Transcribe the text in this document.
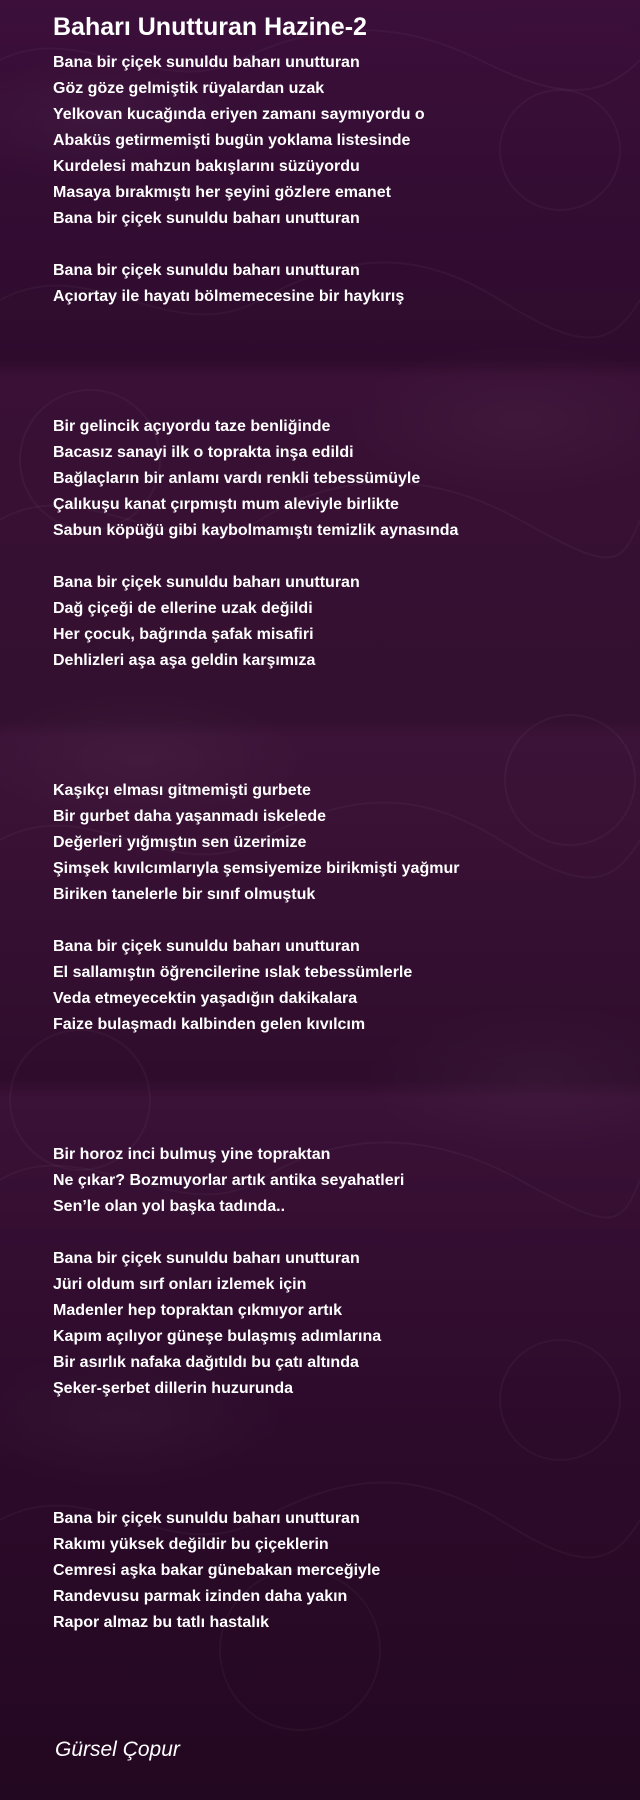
Baharı Unutturan Hazine-2
Bana bir çiçek sunuldu baharı unutturan
Göz göze gelmiştik rüyalardan uzak
Yelkovan kucağında eriyen zamanı saymıyordu o
Abaküs getirmemişti bugün yoklama listesinde
Kurdelesi mahzun bakışlarını süzüyordu
Masaya bırakmıştı her şeyini gözlere emanet
Bana bir çiçek sunuldu baharı unutturan
Bana bir çiçek sunuldu baharı unutturan
Açıortay ile hayatı bölmemecesine bir haykırış
Bir gelincik açıyordu taze benliğinde
Bacasız sanayi ilk o toprakta inşa edildi
Bağlaçların bir anlamı vardı renkli tebessümüyle
Çalıkuşu kanat çırpmıştı mum aleviyle birlikte
Sabun köpüğü gibi kaybolmamıştı temizlik aynasında
Bana bir çiçek sunuldu baharı unutturan
Dağ çiçeği de ellerine uzak değildi
Her çocuk, bağrında şafak misafiri
Dehlizleri aşa aşa geldin karşımıza
Kaşıkçı elması gitmemişti gurbete
Bir gurbet daha yaşanmadı iskelede
Değerleri yığmıştın sen üzerimize
Şimşek kıvılcımlarıyla şemsiyemize birikmişti yağmur
Biriken tanelerle bir sınıf olmuştuk
Bana bir çiçek sunuldu baharı unutturan
El sallamıştın öğrencilerine ıslak tebessümlerle
Veda etmeyecektin yaşadığın dakikalara
Faize bulaşmadı kalbinden gelen kıvılcım
Bir horoz inci bulmuş yine topraktan
Ne çıkar? Bozmuyorlar artık antika seyahatleri
Sen’le olan yol başka tadında..
Bana bir çiçek sunuldu baharı unutturan
Jüri oldum sırf onları izlemek için
Madenler hep topraktan çıkmıyor artık
Kapım açılıyor güneşe bulaşmış adımlarına
Bir asırlık nafaka dağıtıldı bu çatı altında
Şeker-şerbet dillerin huzurunda
Bana bir çiçek sunuldu baharı unutturan
Rakımı yüksek değildir bu çiçeklerin
Cemresi aşka bakar günebakan merceğiyle
Randevusu parmak izinden daha yakın
Rapor almaz bu tatlı hastalık
Gürsel Çopur
